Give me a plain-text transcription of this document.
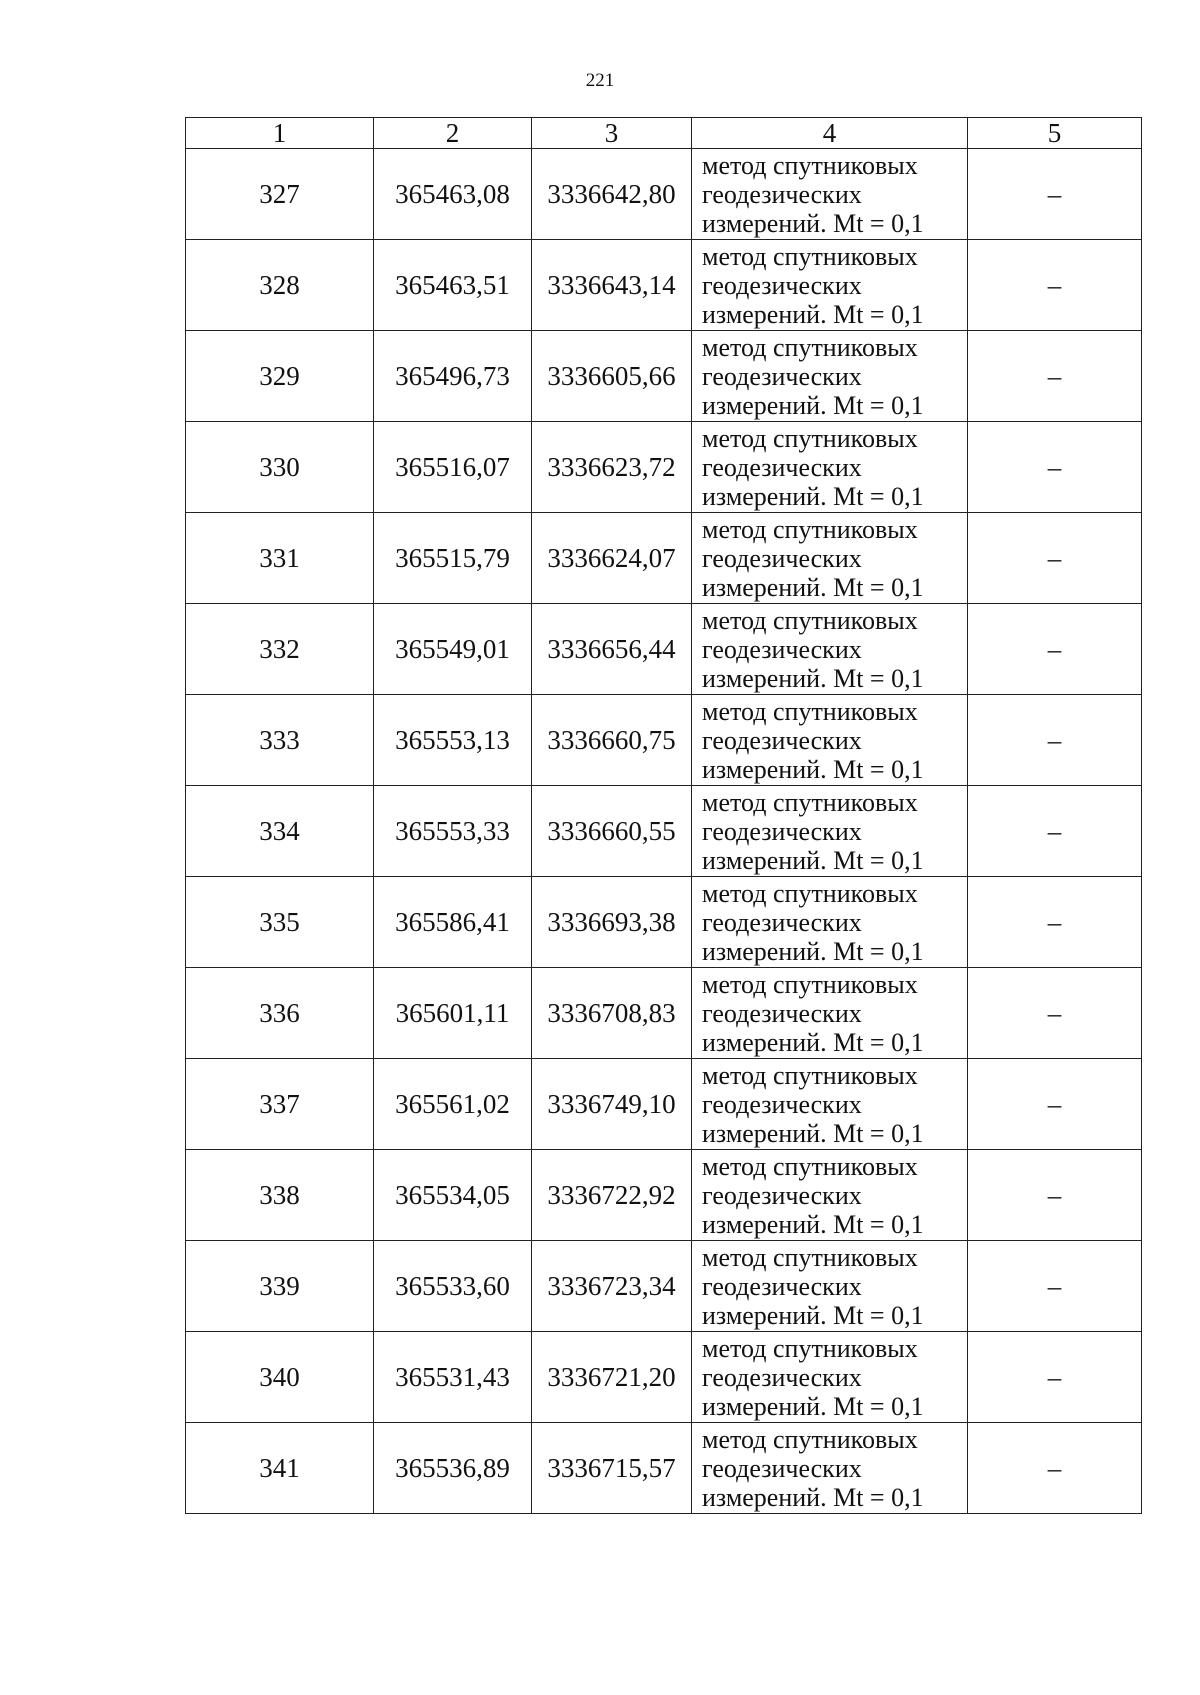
221
1	2	3	4	5
327	365463,08	3336642,80	метод спутниковых
геодезических
измерений. Mt = 0,1	–
328	365463,51	3336643,14	метод спутниковых
геодезических
измерений. Mt = 0,1	–
329	365496,73	3336605,66	метод спутниковых
геодезических
измерений. Mt = 0,1	–
330	365516,07	3336623,72	метод спутниковых
геодезических
измерений. Mt = 0,1	–
331	365515,79	3336624,07	метод спутниковых
геодезических
измерений. Mt = 0,1	–
332	365549,01	3336656,44	метод спутниковых
геодезических
измерений. Mt = 0,1	–
333	365553,13	3336660,75	метод спутниковых
геодезических
измерений. Mt = 0,1	–
334	365553,33	3336660,55	метод спутниковых
геодезических
измерений. Mt = 0,1	–
335	365586,41	3336693,38	метод спутниковых
геодезических
измерений. Mt = 0,1	–
336	365601,11	3336708,83	метод спутниковых
геодезических
измерений. Mt = 0,1	–
337	365561,02	3336749,10	метод спутниковых
геодезических
измерений. Mt = 0,1	–
338	365534,05	3336722,92	метод спутниковых
геодезических
измерений. Mt = 0,1	–
339	365533,60	3336723,34	метод спутниковых
геодезических
измерений. Mt = 0,1	–
340	365531,43	3336721,20	метод спутниковых
геодезических
измерений. Mt = 0,1	–
341	365536,89	3336715,57	метод спутниковых
геодезических
измерений. Mt = 0,1	–
